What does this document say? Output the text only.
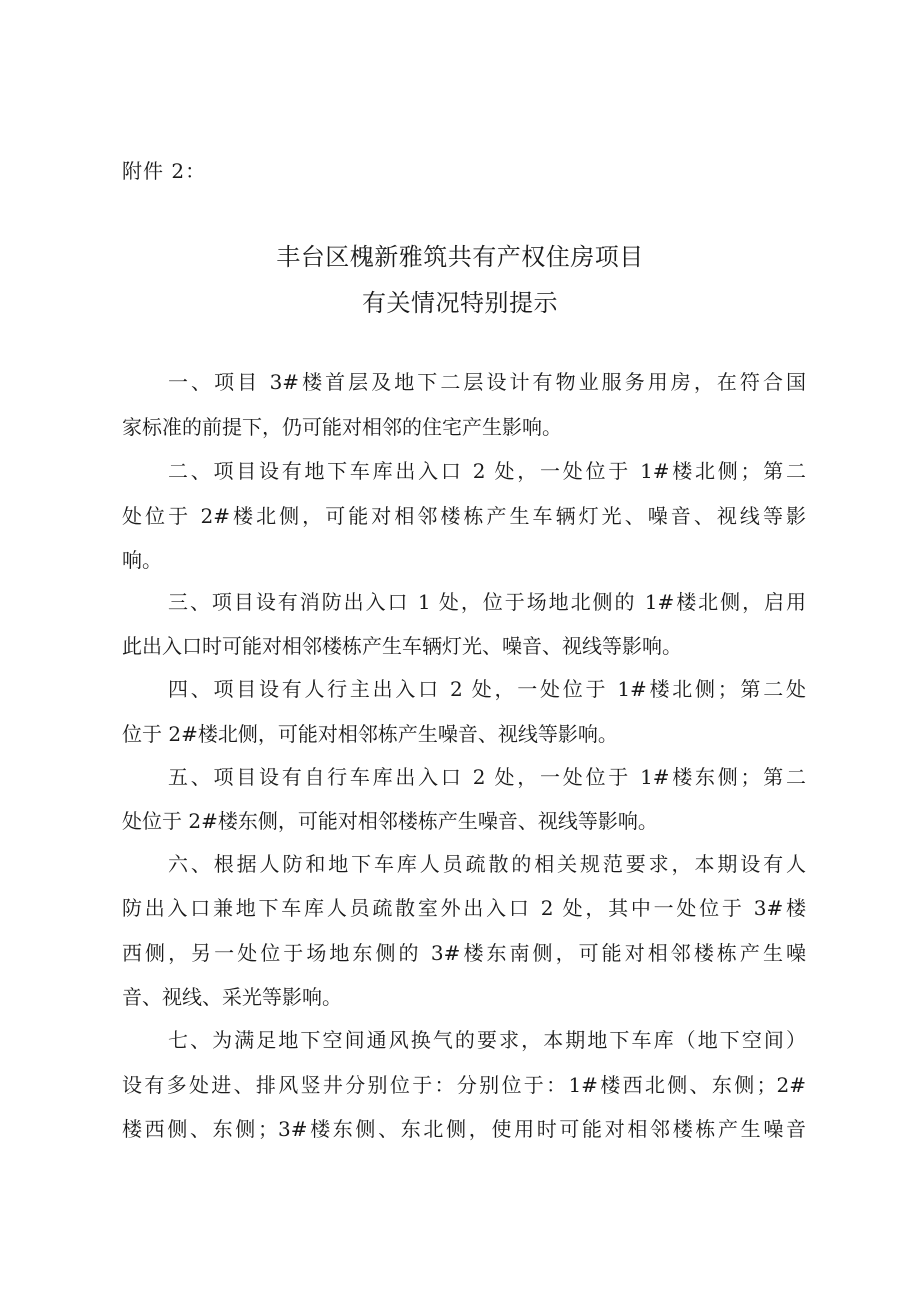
附件 2：
丰台区槐新雅筑共有产权住房项目
有关情况特别提示
一、项目 3#楼首层及地下二层设计有物业服务用房，在符合国
家标准的前提下，仍可能对相邻的住宅产生影响。
二、项目设有地下车库出入口 2 处，一处位于 1#楼北侧；第二
处位于 2#楼北侧，可能对相邻楼栋产生车辆灯光、噪音、视线等影
响。
三、项目设有消防出入口 1 处，位于场地北侧的 1#楼北侧，启用
此出入口时可能对相邻楼栋产生车辆灯光、噪音、视线等影响。
四、项目设有人行主出入口 2 处，一处位于 1#楼北侧；第二处
位于 2#楼北侧，可能对相邻栋产生噪音、视线等影响。
五、项目设有自行车库出入口 2 处，一处位于 1#楼东侧；第二
处位于 2#楼东侧，可能对相邻楼栋产生噪音、视线等影响。
六、根据人防和地下车库人员疏散的相关规范要求，本期设有人
防出入口兼地下车库人员疏散室外出入口 2 处，其中一处位于 3#楼
西侧，另一处位于场地东侧的 3#楼东南侧，可能对相邻楼栋产生噪
音、视线、采光等影响。
七、为满足地下空间通风换气的要求，本期地下车库（地下空间）
设有多处进、排风竖井分别位于：分别位于：1#楼西北侧、东侧；2#
楼西侧、东侧；3#楼东侧、东北侧，使用时可能对相邻楼栋产生噪音
